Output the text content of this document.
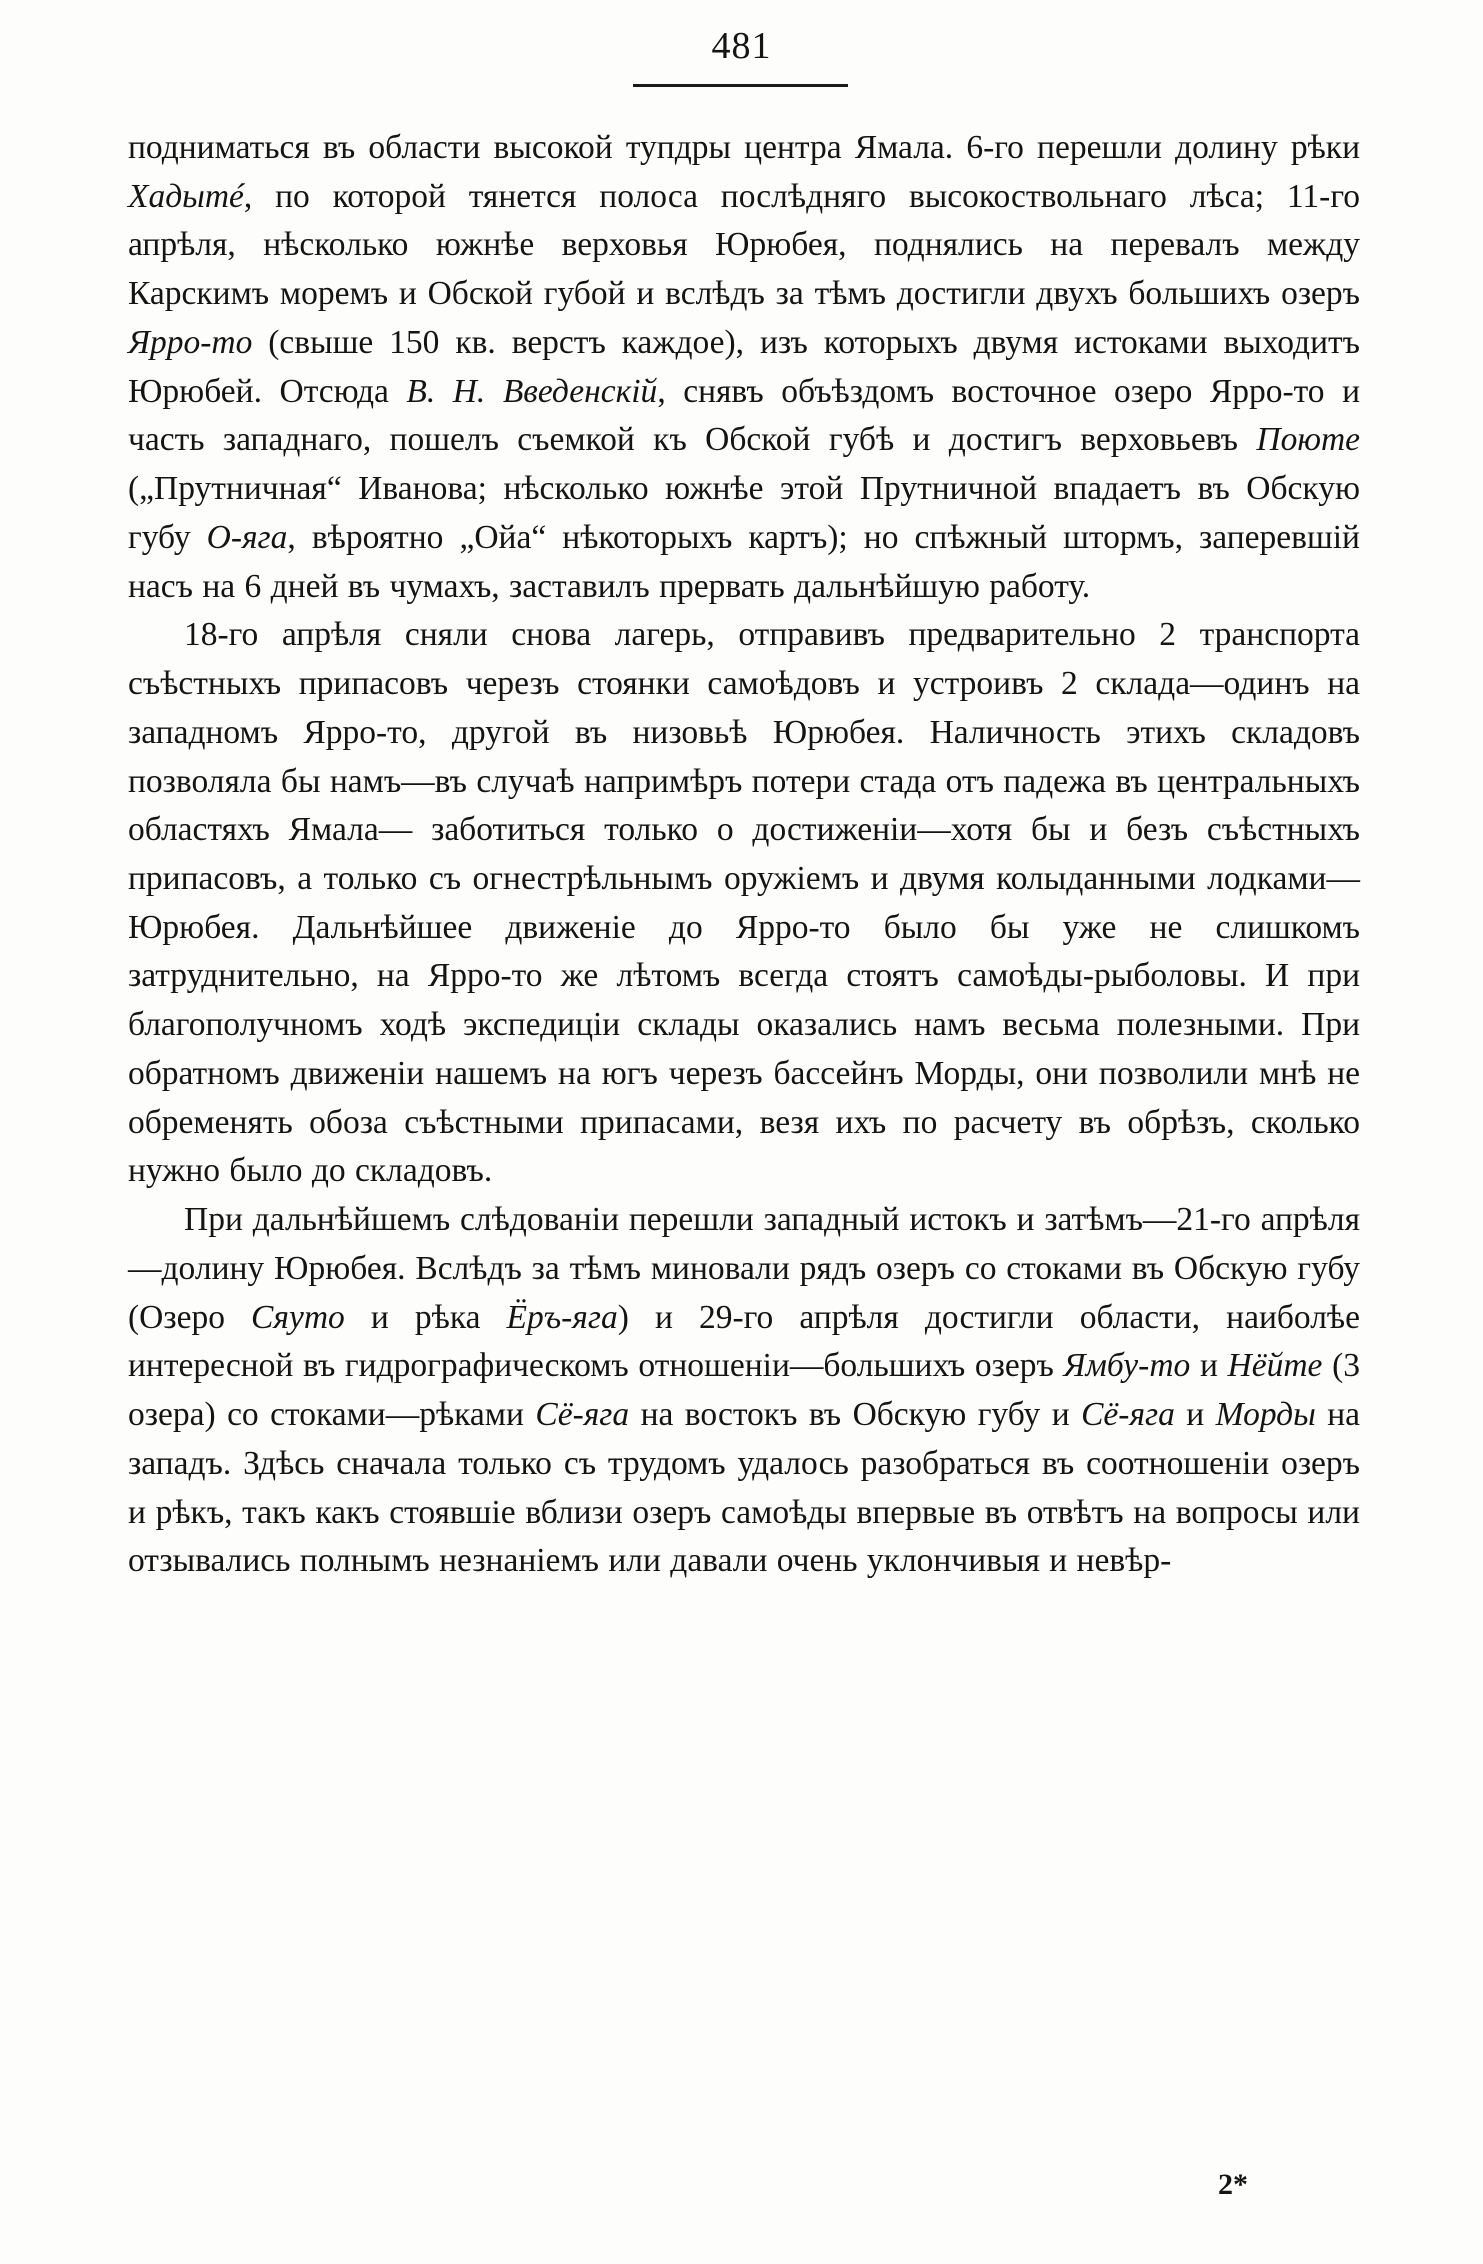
481

подниматься въ области высокой тупдры центра Ямала. 6-го перешли долину рѣки Хадытé, по которой тянется полоса послѣдняго высокоствольнаго лѣса; 11-го апрѣля, нѣсколько южнѣе верховья Юрюбея, поднялись на перевалъ между Карскимъ моремъ и Обской губой и вслѣдъ за тѣмъ достигли двухъ большихъ озеръ Ярро-то (свыше 150 кв. верстъ каждое), изъ которыхъ двумя истоками выходитъ Юрюбей. Отсюда В. Н. Введенскій, снявъ объѣздомъ восточное озеро Ярро-то и часть западнаго, пошелъ съемкой къ Обской губѣ и достигъ верховьевъ Поюте („Прутничная“ Иванова; нѣсколько южнѣе этой Прутничной впадаетъ въ Обскую губу О-яга, вѣроятно „Ойа“ нѣкоторыхъ картъ); но спѣжный штормъ, заперевшій насъ на 6 дней въ чумахъ, заставилъ прервать дальнѣйшую работу.

18-го апрѣля сняли снова лагерь, отправивъ предварительно 2 транспорта съѣстныхъ припасовъ черезъ стоянки самоѣдовъ и устроивъ 2 склада—одинъ на западномъ Ярро-то, другой въ низовьѣ Юрюбея. Наличность этихъ складовъ позволяла бы намъ—въ случаѣ напримѣръ потери стада отъ падежа въ центральныхъ областяхъ Ямала— заботиться только о достиженіи—хотя бы и безъ съѣстныхъ припасовъ, а только съ огнестрѣльнымъ оружіемъ и двумя колыданными лодками— Юрюбея. Дальнѣйшее движеніе до Ярро-то было бы уже не слишкомъ затруднительно, на Ярро-то же лѣтомъ всегда стоятъ самоѣды-рыболовы. И при благополучномъ ходѣ экспедиціи склады оказались намъ весьма полезными. При обратномъ движеніи нашемъ на югъ черезъ бассейнъ Морды, они позволили мнѣ не обременять обоза съѣстными припасами, везя ихъ по расчету въ обрѣзъ, сколько нужно было до складовъ.

При дальнѣйшемъ слѣдованіи перешли западный истокъ и затѣмъ—21-го апрѣля—долину Юрюбея. Вслѣдъ за тѣмъ миновали рядъ озеръ со стоками въ Обскую губу (Озеро Сяуто и рѣка Ёръ-яга) и 29-го апрѣля достигли области, наиболѣе интересной въ гидрографическомъ отношеніи—большихъ озеръ Ямбу-то и Нёйте (3 озера) со стоками—рѣками Сё-яга на востокъ въ Обскую губу и Сё-яга и Морды на западъ. Здѣсь сначала только съ трудомъ удалось разобраться въ соотношеніи озеръ и рѣкъ, такъ какъ стоявшіе вблизи озеръ самоѣды впервые въ отвѣтъ на вопросы или отзывались полнымъ незнаніемъ или давали очень уклончивыя и невѣр-

2*
